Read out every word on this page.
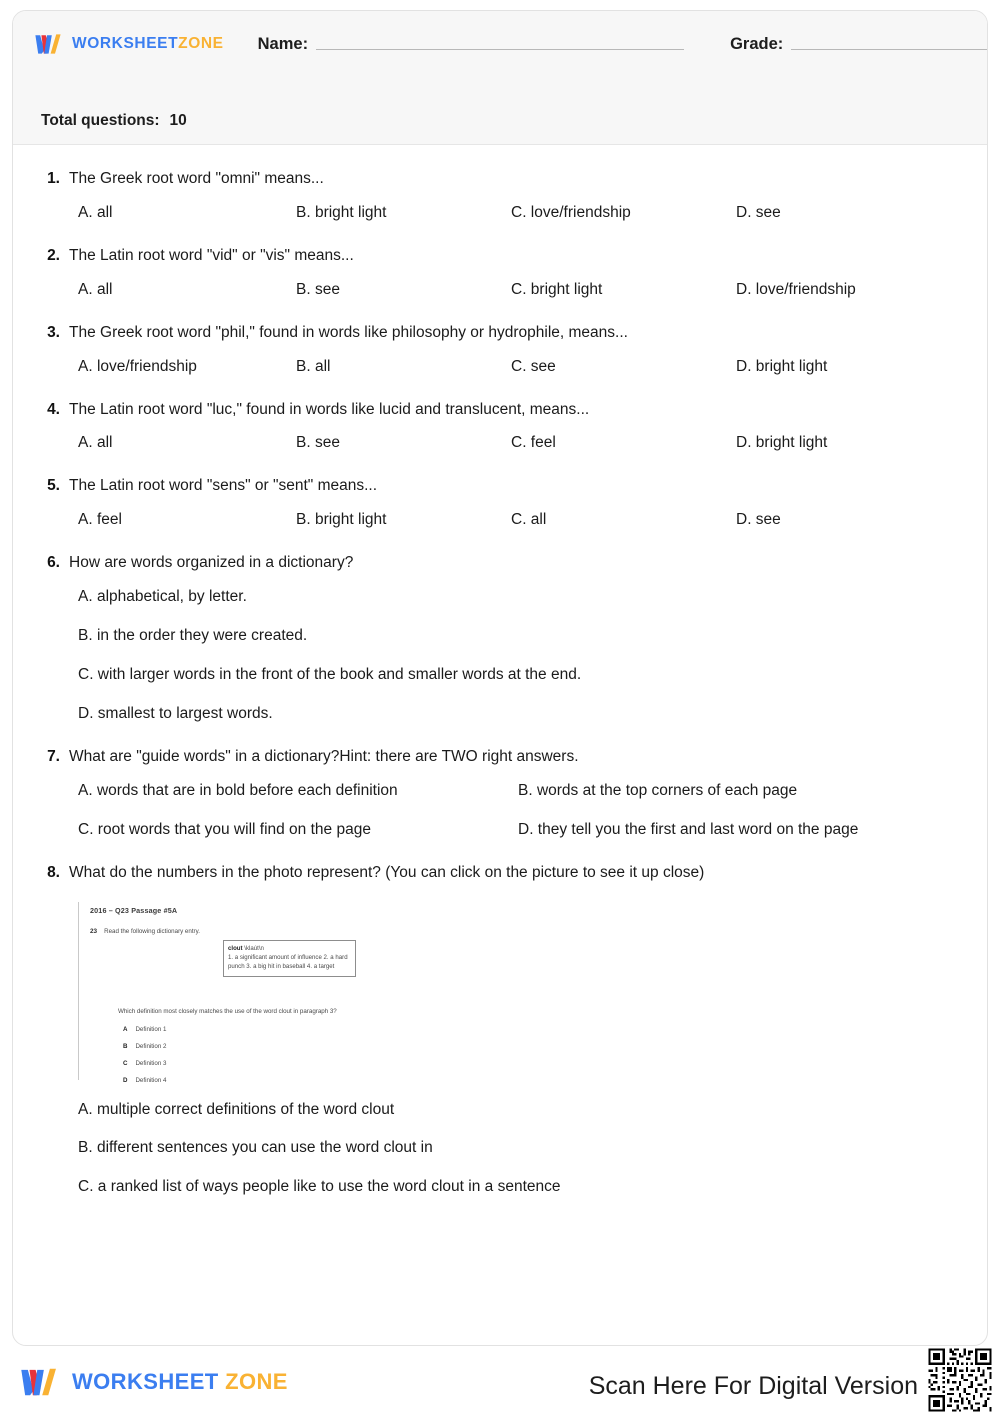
WORKSHEETZONE Name:	Grade:
Total questions: 10
1. The Greek root word "omni" means...
A. all	B. bright light	C. love/friendship	D. see
2. The Latin root word "vid" or "vis" means...
A. all	B. see	C. bright light	D. love/friendship
3. The Greek root word "phil," found in words like philosophy or hydrophile, means...
A. love/friendship	B. all	C. see	D. bright light
4. The Latin root word "luc," found in words like lucid and translucent, means...
A. all	B. see	C. feel	D. bright light
5. The Latin root word "sens" or "sent" means...
A. feel	B. bright light	C. all	D. see
6. How are words organized in a dictionary?
A. alphabetical, by letter.
B. in the order they were created.
C. with larger words in the front of the book and smaller words at the end.
D. smallest to largest words.
7. What are "guide words" in a dictionary?Hint: there are TWO right answers.
A. words that are in bold before each definition	B. words at the top corners of each page
C. root words that you will find on the page	D. they tell you the first and last word on the page
8. What do the numbers in the photo represent? (You can click on the picture to see it up close)
2016 – Q23 Passage #5A
23 Read the following dictionary entry.
clout \klau̇t\n
1. a significant amount of influence 2. a hard punch 3. a big hit in baseball 4. a target
Which definition most closely matches the use of the word clout in paragraph 3?
A Definition 1
B Definition 2
C Definition 3
D Definition 4
A. multiple correct definitions of the word clout
B. different sentences you can use the word clout in
C. a ranked list of ways people like to use the word clout in a sentence
WORKSHEET ZONE	Scan Here For Digital Version
